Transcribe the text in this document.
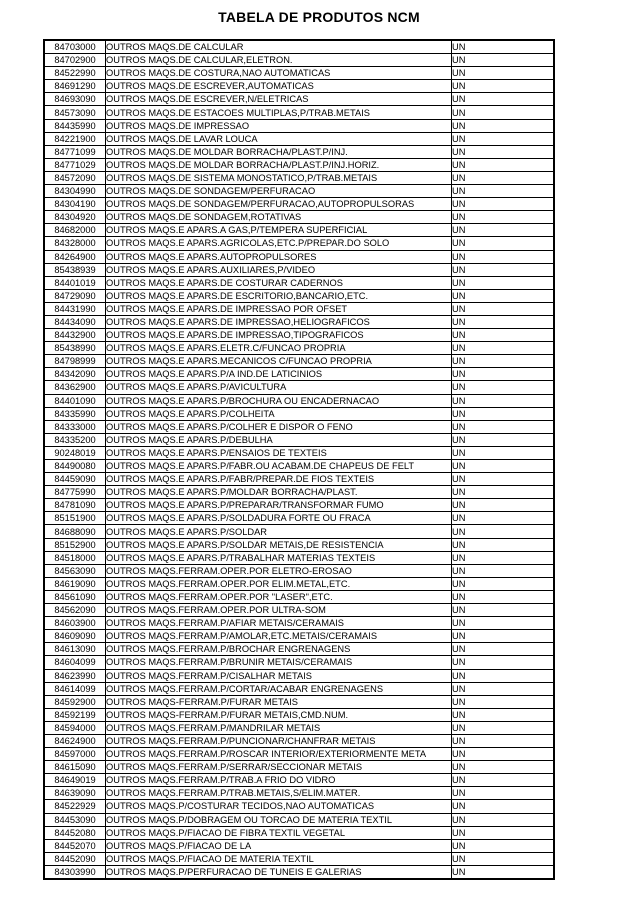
TABELA DE PRODUTOS NCM
84703000	OUTROS MAQS.DE CALCULAR	UN
84702900	OUTROS MAQS.DE CALCULAR,ELETRON.	UN
84522990	OUTROS MAQS.DE COSTURA,NAO AUTOMATICAS	UN
84691290	OUTROS MAQS.DE ESCREVER,AUTOMATICAS	UN
84693090	OUTROS MAQS.DE ESCREVER,N/ELETRICAS	UN
84573090	OUTROS MAQS.DE ESTACOES MULTIPLAS,P/TRAB.METAIS	UN
84435990	OUTROS MAQS.DE IMPRESSAO	UN
84221900	OUTROS MAQS.DE LAVAR LOUCA	UN
84771099	OUTROS MAQS.DE MOLDAR BORRACHA/PLAST.P/INJ.	UN
84771029	OUTROS MAQS.DE MOLDAR BORRACHA/PLAST.P/INJ.HORIZ.	UN
84572090	OUTROS MAQS.DE SISTEMA MONOSTATICO,P/TRAB.METAIS	UN
84304990	OUTROS MAQS.DE SONDAGEM/PERFURACAO	UN
84304190	OUTROS MAQS.DE SONDAGEM/PERFURACAO,AUTOPROPULSORAS	UN
84304920	OUTROS MAQS.DE SONDAGEM,ROTATIVAS	UN
84682000	OUTROS MAQS.E APARS.A GAS,P/TEMPERA SUPERFICIAL	UN
84328000	OUTROS MAQS.E APARS.AGRICOLAS,ETC.P/PREPAR.DO SOLO	UN
84264900	OUTROS MAQS.E APARS.AUTOPROPULSORES	UN
85438939	OUTROS MAQS.E APARS.AUXILIARES,P/VIDEO	UN
84401019	OUTROS MAQS.E APARS.DE COSTURAR CADERNOS	UN
84729090	OUTROS MAQS.E APARS.DE ESCRITORIO,BANCARIO,ETC.	UN
84431990	OUTROS MAQS.E APARS.DE IMPRESSAO POR OFSET	UN
84434090	OUTROS MAQS.E APARS.DE IMPRESSAO,HELIOGRAFICOS	UN
84432900	OUTROS MAQS.E APARS.DE IMPRESSAO,TIPOGRAFICOS	UN
85438990	OUTROS MAQS.E APARS.ELETR.C/FUNCAO PROPRIA	UN
84798999	OUTROS MAQS.E APARS.MECANICOS C/FUNCAO PROPRIA	UN
84342090	OUTROS MAQS.E APARS.P/A IND.DE LATICINIOS	UN
84362900	OUTROS MAQS.E APARS.P/AVICULTURA	UN
84401090	OUTROS MAQS.E APARS.P/BROCHURA OU ENCADERNACAO	UN
84335990	OUTROS MAQS.E APARS.P/COLHEITA	UN
84333000	OUTROS MAQS.E APARS.P/COLHER E DISPOR O FENO	UN
84335200	OUTROS MAQS.E APARS.P/DEBULHA	UN
90248019	OUTROS MAQS.E APARS.P/ENSAIOS DE TEXTEIS	UN
84490080	OUTROS MAQS.E APARS.P/FABR.OU ACABAM.DE CHAPEUS DE FELT	UN
84459090	OUTROS MAQS.E APARS.P/FABR/PREPAR.DE FIOS TEXTEIS	UN
84775990	OUTROS MAQS.E APARS.P/MOLDAR BORRACHA/PLAST.	UN
84781090	OUTROS MAQS.E APARS.P/PREPARAR/TRANSFORMAR FUMO	UN
85151900	OUTROS MAQS.E APARS.P/SOLDADURA FORTE OU FRACA	UN
84688090	OUTROS MAQS.E APARS.P/SOLDAR	UN
85152900	OUTROS MAQS.E APARS.P/SOLDAR METAIS,DE RESISTENCIA	UN
84518000	OUTROS MAQS.E APARS.P/TRABALHAR MATERIAS TEXTEIS	UN
84563090	OUTROS MAQS.FERRAM.OPER.POR ELETRO-EROSAO	UN
84619090	OUTROS MAQS.FERRAM.OPER.POR ELIM.METAL,ETC.	UN
84561090	OUTROS MAQS.FERRAM.OPER.POR "LASER",ETC.	UN
84562090	OUTROS MAQS.FERRAM.OPER.POR ULTRA-SOM	UN
84603900	OUTROS MAQS.FERRAM.P/AFIAR METAIS/CERAMAIS	UN
84609090	OUTROS MAQS.FERRAM.P/AMOLAR,ETC.METAIS/CERAMAIS	UN
84613090	OUTROS MAQS.FERRAM.P/BROCHAR ENGRENAGENS	UN
84604099	OUTROS MAQS.FERRAM.P/BRUNIR METAIS/CERAMAIS	UN
84623990	OUTROS MAQS.FERRAM.P/CISALHAR METAIS	UN
84614099	OUTROS MAQS.FERRAM.P/CORTAR/ACABAR ENGRENAGENS	UN
84592900	OUTROS MAQS-FERRAM.P/FURAR METAIS	UN
84592199	OUTROS MAQS-FERRAM.P/FURAR METAIS,CMD.NUM.	UN
84594000	OUTROS MAQS.FERRAM.P/MANDRILAR METAIS	UN
84624900	OUTROS MAQS.FERRAM.P/PUNCIONAR/CHANFRAR METAIS	UN
84597000	OUTROS MAQS.FERRAM.P/ROSCAR INTERIOR/EXTERIORMENTE META	UN
84615090	OUTROS MAQS.FERRAM.P/SERRAR/SECCIONAR METAIS	UN
84649019	OUTROS MAQS.FERRAM.P/TRAB.A FRIO DO VIDRO	UN
84639090	OUTROS MAQS.FERRAM.P/TRAB.METAIS,S/ELIM.MATER.	UN
84522929	OUTROS MAQS.P/COSTURAR TECIDOS,NAO AUTOMATICAS	UN
84453090	OUTROS MAQS.P/DOBRAGEM OU TORCAO DE MATERIA TEXTIL	UN
84452080	OUTROS MAQS.P/FIACAO DE FIBRA TEXTIL VEGETAL	UN
84452070	OUTROS MAQS.P/FIACAO DE LA	UN
84452090	OUTROS MAQS.P/FIACAO DE MATERIA TEXTIL	UN
84303990	OUTROS MAQS.P/PERFURACAO DE TUNEIS E GALERIAS	UN
